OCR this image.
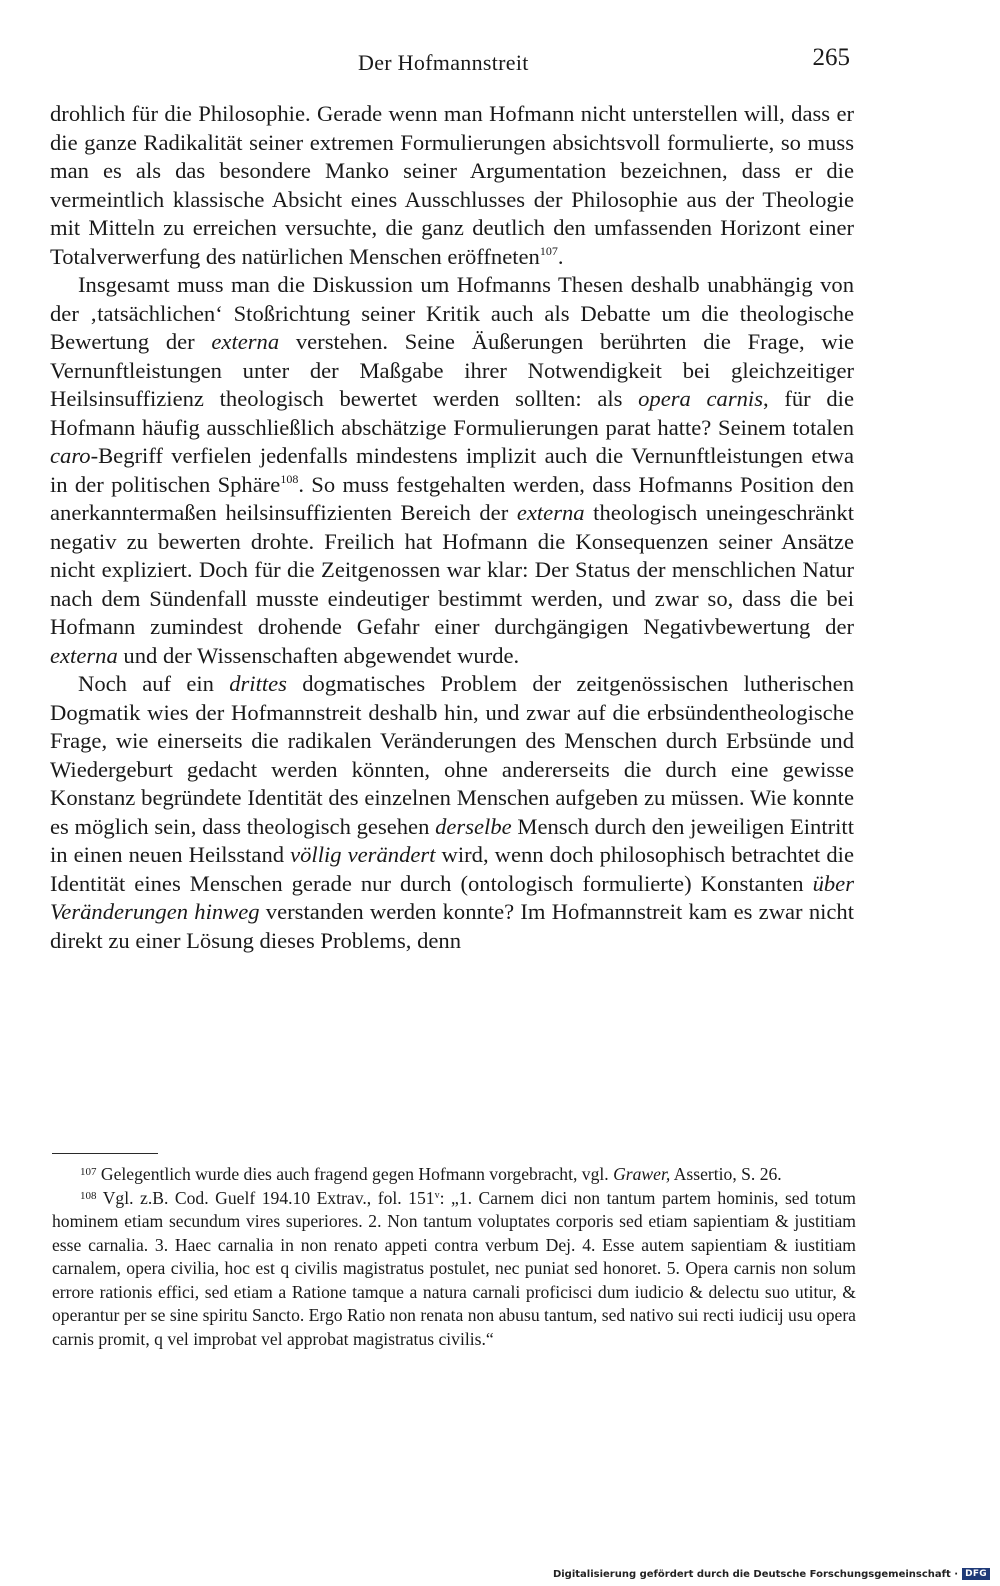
Der Hofmannstreit	265

drohlich für die Philosophie. Gerade wenn man Hofmann nicht unterstellen will, dass er die ganze Radikalität seiner extremen Formulierungen absichtsvoll formulierte, so muss man es als das besondere Manko seiner Argumentation bezeichnen, dass er die vermeintlich klassische Absicht eines Ausschlusses der Philosophie aus der Theologie mit Mitteln zu erreichen versuchte, die ganz deutlich den umfassenden Horizont einer Totalverwerfung des natürlichen Menschen eröffneten$^{107}$.

Insgesamt muss man die Diskussion um Hofmanns Thesen deshalb unabhängig von der ‚tatsächlichen‘ Stoßrichtung seiner Kritik auch als Debatte um die theologische Bewertung der externa verstehen. Seine Äußerungen berührten die Frage, wie Vernunftleistungen unter der Maßgabe ihrer Notwendigkeit bei gleichzeitiger Heilsinsuffizienz theologisch bewertet werden sollten: als opera carnis, für die Hofmann häufig ausschließlich abschätzige Formulierungen parat hatte? Seinem totalen caro-Begriff verfielen jedenfalls mindestens implizit auch die Vernunftleistungen etwa in der politischen Sphäre$^{108}$. So muss festgehalten werden, dass Hofmanns Position den anerkanntermaßen heilsinsuffizienten Bereich der externa theologisch uneingeschränkt negativ zu bewerten drohte. Freilich hat Hofmann die Konsequenzen seiner Ansätze nicht expliziert. Doch für die Zeitgenossen war klar: Der Status der menschlichen Natur nach dem Sündenfall musste eindeutiger bestimmt werden, und zwar so, dass die bei Hofmann zumindest drohende Gefahr einer durchgängigen Negativbewertung der externa und der Wissenschaften abgewendet wurde.

Noch auf ein drittes dogmatisches Problem der zeitgenössischen lutherischen Dogmatik wies der Hofmannstreit deshalb hin, und zwar auf die erbsündentheologische Frage, wie einerseits die radikalen Veränderungen des Menschen durch Erbsünde und Wiedergeburt gedacht werden könnten, ohne andererseits die durch eine gewisse Konstanz begründete Identität des einzelnen Menschen aufgeben zu müssen. Wie konnte es möglich sein, dass theologisch gesehen derselbe Mensch durch den jeweiligen Eintritt in einen neuen Heilsstand völlig verändert wird, wenn doch philosophisch betrachtet die Identität eines Menschen gerade nur durch (ontologisch formulierte) Konstanten über Veränderungen hinweg verstanden werden konnte? Im Hofmannstreit kam es zwar nicht direkt zu einer Lösung dieses Problems, denn

$^{107}$ Gelegentlich wurde dies auch fragend gegen Hofmann vorgebracht, vgl. Grawer, Assertio, S. 26.

$^{108}$ Vgl. z.B. Cod. Guelf 194.10 Extrav., fol. 151$^v$: „1. Carnem dici non tantum partem hominis, sed totum hominem etiam secundum vires superiores. 2. Non tantum voluptates corporis sed etiam sapientiam & justitiam esse carnalia. 3. Haec carnalia in non renato appeti contra verbum Dej. 4. Esse autem sapientiam & iustitiam carnalem, opera civilia, hoc est q civilis magistratus postulet, nec puniat sed honoret. 5. Opera carnis non solum errore rationis effici, sed etiam a Ratione tamque a natura carnali proficisci dum iudicio & delectu suo utitur, & operantur per se sine spiritu Sancto. Ergo Ratio non renata non abusu tantum, sed nativo sui recti iudicij usu opera carnis promit, q vel improbat vel approbat magistratus civilis.“

Digitalisierung gefördert durch die Deutsche Forschungsgemeinschaft · DFG
